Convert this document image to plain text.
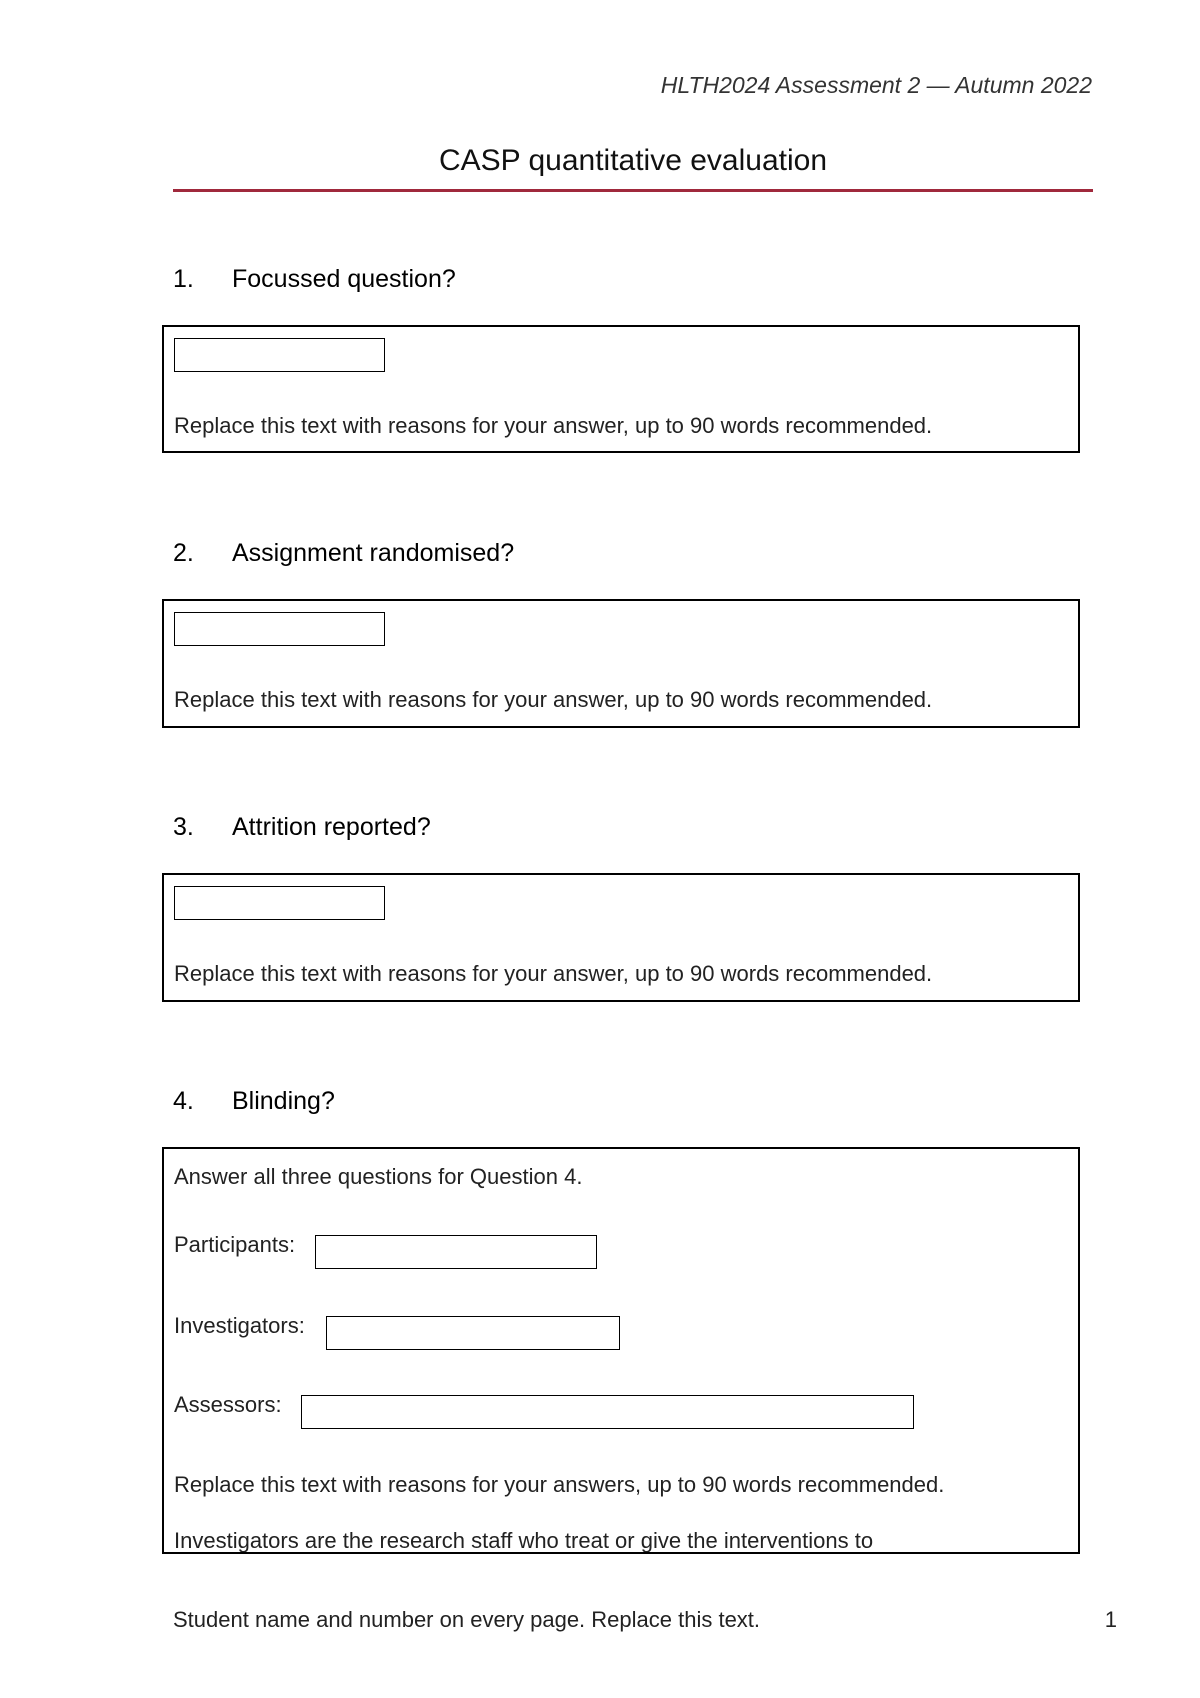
HLTH2024 Assessment 2 — Autumn 2022
CASP quantitative evaluation
1. Focussed question?
Replace this text with reasons for your answer, up to 90 words recommended.
2. Assignment randomised?
Replace this text with reasons for your answer, up to 90 words recommended.
3. Attrition reported?
Replace this text with reasons for your answer, up to 90 words recommended.
4. Blinding?
Answer all three questions for Question 4.
Participants:
Investigators:
Assessors:
Replace this text with reasons for your answers, up to 90 words recommended.
Investigators are the research staff who treat or give the interventions to
Student name and number on every page. Replace this text.	1
